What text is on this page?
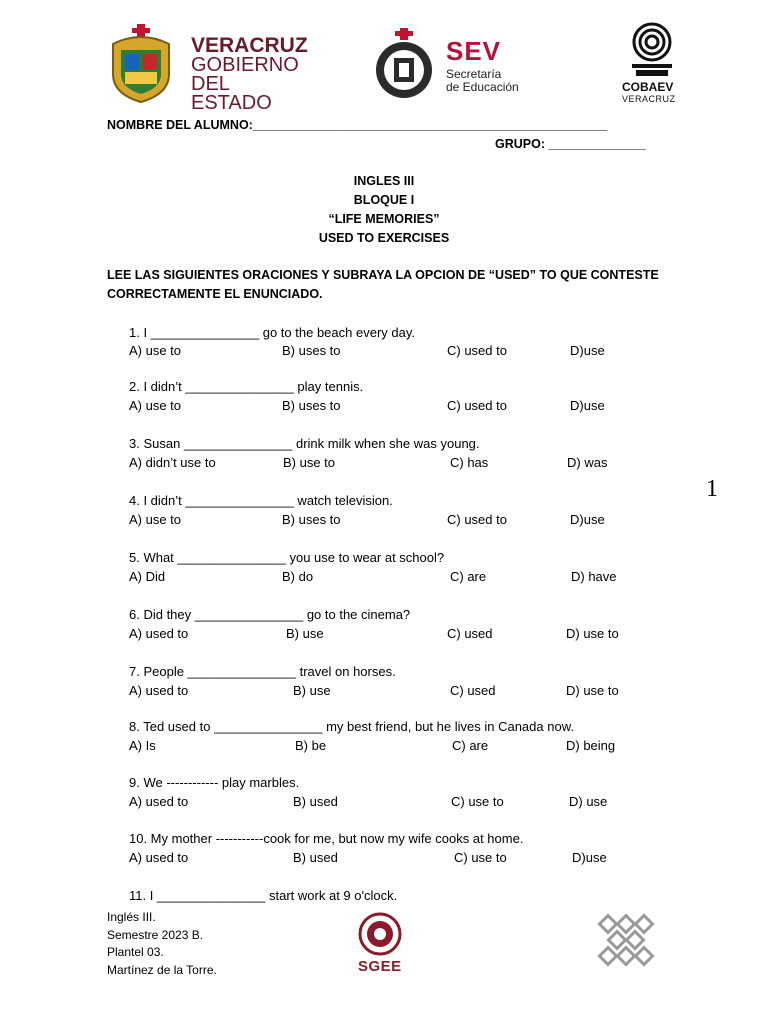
VERACRUZ
GOBIERNO
DEL ESTADO
SEV
Secretaría
de Educación	COBAEV
VERACRUZ
NOMBRE DEL ALUMNO:___________________________________________________
GRUPO: ______________
INGLES III
BLOQUE I
“LIFE MEMORIES”
USED TO EXERCISES
LEE LAS SIGUIENTES ORACIONES Y SUBRAYA LA OPCION DE “USED” TO QUE CONTESTE CORRECTAMENTE EL ENUNCIADO.
1. I _______________ go to the beach every day.
A) use to	B) uses to	C) used to	D)use
2. I didn’t _______________ play tennis.
A) use to	B) uses to	C) used to	D)use
3. Susan _______________ drink milk when she was young.
A) didn’t use to	B) use to	C) has	D) was
4. I didn’t _______________ watch television.
A) use to	B) uses to	C) used to	D)use
5. What _______________ you use to wear at school?
A) Did	B) do	C) are	D) have
6. Did they _______________ go to the cinema?
A) used to	B) use	C) used	D) use to
7. People _______________ travel on horses.
A) used to	B) use	C) used	D) use to
8. Ted used to _______________ my best friend, but he lives in Canada now.
A) Is	B) be	C) are	D) being
9. We ------------ play marbles.
A) used to	B) used	C) use to	D) use
10. My mother -----------cook for me, but now my wife cooks at home.
A) used to	B) used	C) use to	D)use
11. I _______________ start work at 9 o'clock.
1
Inglés III.
Semestre 2023 B.
Plantel 03.
Martínez de la Torre.	SGEE
